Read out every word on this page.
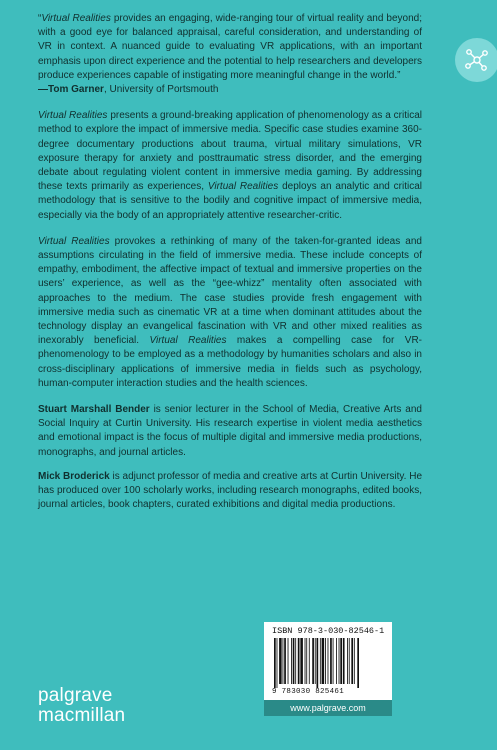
“Virtual Realities provides an engaging, wide-ranging tour of virtual reality and beyond; with a good eye for balanced appraisal, careful consideration, and understanding of VR in context. A nuanced guide to evaluating VR applications, with an important emphasis upon direct experience and the potential to help researchers and developers produce experiences capable of instigating more meaningful change in the world.”

—Tom Garner, University of Portsmouth

Virtual Realities presents a ground-breaking application of phenomenology as a critical method to explore the impact of immersive media. Specific case studies examine 360-degree documentary productions about trauma, virtual military simulations, VR exposure therapy for anxiety and posttraumatic stress disorder, and the emerging debate about regulating violent content in immersive media gaming. By addressing these texts primarily as experiences, Virtual Realities deploys an analytic and critical methodology that is sensitive to the bodily and cognitive impact of immersive media, especially via the body of an appropriately attentive researcher-critic.

Virtual Realities provokes a rethinking of many of the taken-for-granted ideas and assumptions circulating in the field of immersive media. These include concepts of empathy, embodiment, the affective impact of textual and immersive properties on the users’ experience, as well as the “gee-whizz” mentality often associated with approaches to the medium. The case studies provide fresh engagement with immersive media such as cinematic VR at a time when dominant attitudes about the technology display an evangelical fascination with VR and other mixed realities as inexorably beneficial. Virtual Realities makes a compelling case for VR-phenomenology to be employed as a methodology by humanities scholars and also in cross-disciplinary applications of immersive media in fields such as psychology, human-computer interaction studies and the health sciences.

Stuart Marshall Bender is senior lecturer in the School of Media, Creative Arts and Social Inquiry at Curtin University. His research expertise in violent media aesthetics and emotional impact is the focus of multiple digital and immersive media productions, monographs, and journal articles.

Mick Broderick is adjunct professor of media and creative arts at Curtin University. He has produced over 100 scholarly works, including research monographs, edited books, journal articles, book chapters, curated exhibitions and digital media productions.

palgrave
macmillan
ISBN 978-3-030-82546-1
9 783030 825461
www.palgrave.com
